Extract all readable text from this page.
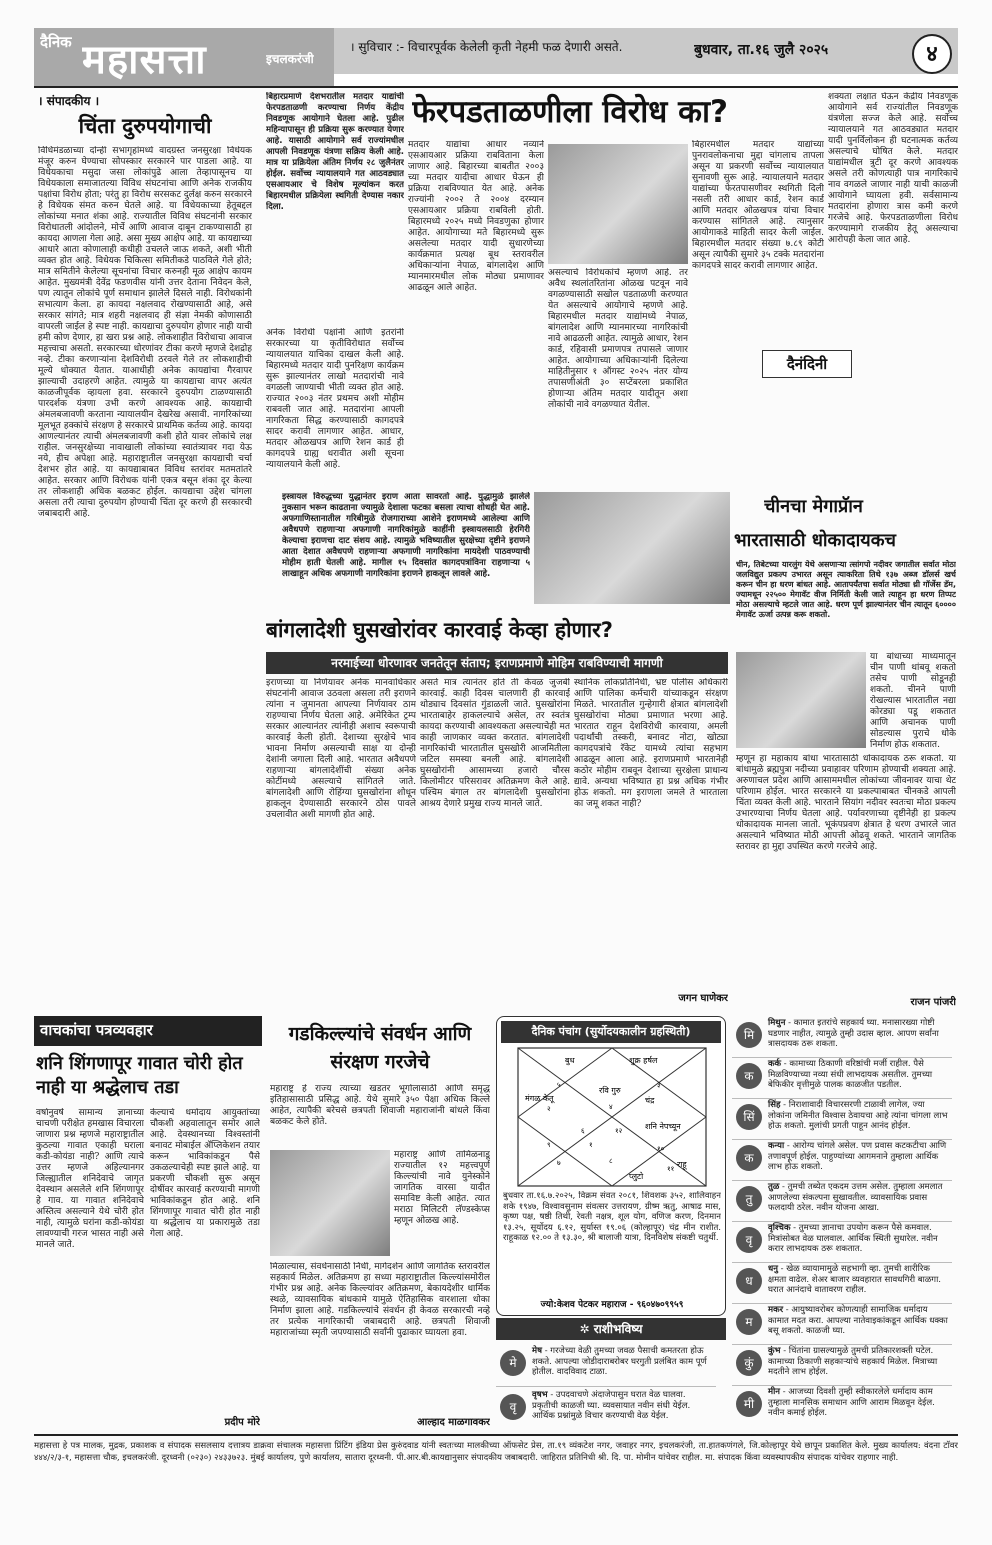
दैनिक महासत्ता	इचलकरंजी
। सुविचार :- विचारपूर्वक केलेली कृती नेहमी फळ देणारी असते.	बुधवार, ता.१६ जुलै २०२५	४
। संपादकीय ।
चिंता दुरुपयोगाची
विधिमंडळाच्या दोन्ही सभागृहांमध्ये वादग्रस्त जनसुरक्षा विधेयक मंजूर करुन घेण्याचा सोपस्कार सरकारने पार पाडला आहे. या विधेयकाचा मसुदा जसा लोकांपुढे आला तेव्हापासूनच या विधेयकाला समाजातल्या विविध संघटनांचा आणि अनेक राजकीय पक्षांचा विरोध होता; परंतु हा विरोध सरसकट दुर्लक्ष करुन सरकारने हे विधेयक संमत करुन घेतले आहे. या विधेयकाच्या हेतूबद्दल लोकांच्या मनात शंका आहे. राज्यातील विविध संघटनांनी सरकार विरोधातली आंदोलने, मोर्चे आणि आवाज दाबून टाकण्यासाठी हा कायदा आणला गेला आहे. असा मुख्य आक्षेप आहे. या कायद्याच्या आधारे आता कोणालाही कधीही उचलले जाऊ शकते, अशी भीती व्यक्त होत आहे. विधेयक चिकित्सा समितीकडे पाठविले गेले होते; मात्र समितीने केलेल्या सूचनांचा विचार करुनही मूळ आक्षेप कायम आहेत. मुख्यमंत्री देवेंद्र फडणवीस यांनी उत्तर देताना निवेदन केले, पण त्यातून लोकांचे पूर्ण समाधान झालेले दिसले नाही. विरोधकांनी सभात्याग केला. हा कायदा नक्षलवाद रोखण्यासाठी आहे, असे सरकार सांगते; मात्र शहरी नक्षलवाद ही संज्ञा नेमकी कोणासाठी वापरली जाईल हे स्पष्ट नाही. कायद्याचा दुरुपयोग होणार नाही याची हमी कोण देणार, हा खरा प्रश्न आहे. लोकशाहीत विरोधाचा आवाज महत्त्वाचा असतो. सरकारच्या धोरणांवर टीका करणे म्हणजे देशद्रोह नव्हे. टीका करणाऱ्यांना देशविरोधी ठरवले गेले तर लोकशाहीची मूल्ये धोक्यात येतात. याआधीही अनेक कायद्यांचा गैरवापर झाल्याची उदाहरणे आहेत. त्यामुळे या कायद्याचा वापर अत्यंत काळजीपूर्वक व्हायला हवा. सरकारने दुरुपयोग टाळण्यासाठी पारदर्शक यंत्रणा उभी करणे आवश्यक आहे. कायद्याची अंमलबजावणी करताना न्यायालयीन देखरेख असावी. नागरिकांच्या मूलभूत हक्कांचे संरक्षण हे सरकारचे प्राथमिक कर्तव्य आहे. कायदा आणल्यानंतर त्याची अंमलबजावणी कशी होते यावर लोकांचे लक्ष राहील. जनसुरक्षेच्या नावाखाली लोकांच्या स्वातंत्र्यावर गदा येऊ नये, हीच अपेक्षा आहे. महाराष्ट्रातील जनसुरक्षा कायद्याची चर्चा देशभर होत आहे. या कायद्याबाबत विविध स्तरांवर मतमतांतरे आहेत. सरकार आणि विरोधक यांनी एकत्र बसून शंका दूर केल्या तर लोकशाही अधिक बळकट होईल. कायद्याचा उद्देश चांगला असला तरी त्याचा दुरुपयोग होण्याची चिंता दूर करणे ही सरकारची जबाबदारी आहे.
बिहारप्रमाणे देशभरातील मतदार याद्यांची फेरपडताळणी करण्याचा निर्णय केंद्रीय निवडणूक आयोगाने घेतला आहे. पुढील महिन्यापासून ही प्रक्रिया सुरू करण्यात येणार आहे. यासाठी आयोगाने सर्व राज्यांमधील आपली निवडणूक यंत्रणा सक्रिय केली आहे. मात्र या प्रक्रियेला अंतिम निर्णय २८ जुलैनंतर होईल. सर्वोच्च न्यायालयाने गत आठवड्यात एसआयआर चे विशेष मूल्यांकन करत बिहारमधील प्रक्रियेला स्थगिती देण्यास नकार दिला.
अनेक विरोधी पक्षांनी आणि इतरांनी सरकारच्या या कृतीविरोधात सर्वोच्च न्यायालयात याचिका दाखल केली आहे. बिहारमध्ये मतदार यादी पुनरिक्षण कार्यक्रम सुरू झाल्यानंतर लाखो मतदारांची नावे वगळली जाण्याची भीती व्यक्त होत आहे. राज्यात २००३ नंतर प्रथमच अशी मोहीम राबवली जात आहे. मतदारांना आपली नागरिकता सिद्ध करण्यासाठी कागदपत्रे सादर करावी लागणार आहेत. आधार, मतदार ओळखपत्र आणि रेशन कार्ड ही कागदपत्रे ग्राह्य धरावीत अशी सूचना न्यायालयाने केली आहे.
फेरपडताळणीला विरोध का?
मतदार याद्यांचा आधार नव्याने एसआयआर प्रक्रिया राबविताना केला जाणार आहे. बिहारच्या बाबतीत २००३ च्या मतदार यादीचा आधार घेऊन ही प्रक्रिया राबविण्यात येत आहे. अनेक राज्यांनी २००२ ते २००४ दरम्यान एसआयआर प्रक्रिया राबविली होती. बिहारमध्ये २०२५ मध्ये निवडणुका होणार आहेत. आयोगाच्या मते बिहारमध्ये सुरू असलेल्या मतदार यादी सुधारणेच्या कार्यक्रमात प्रत्यक्ष बूथ स्तरावरील अधिकाऱ्यांना नेपाळ, बांगलादेश आणि म्यानमारमधील लोक मोठ्या प्रमाणावर आढळून आले आहेत.
असल्याचे विरोधकांचे म्हणणे आहे. तर अवैध स्थलांतरितांना ओळख पटवून नावे वगळण्यासाठी सखोल पडताळणी करण्यात येत असल्याचे आयोगाचे म्हणणे आहे. बिहारमधील मतदार याद्यांमध्ये नेपाळ, बांगलादेश आणि म्यानमारच्या नागरिकांची नावे आढळली आहेत. त्यामुळे आधार, रेशन कार्ड, रहिवासी प्रमाणपत्र तपासले जाणार आहेत. आयोगाच्या अधिकाऱ्यांनी दिलेल्या माहितीनुसार १ ऑगस्ट २०२५ नंतर योग्य तपासणीअंती ३० सप्टेंबरला प्रकाशित होणाऱ्या अंतिम मतदार यादीतून अशा लोकांची नावे वगळण्यात येतील.
बिहारमधील मतदार याद्यांच्या पुनरावलोकनाचा मुद्दा चांगलाच तापला असून या प्रकरणी सर्वोच्च न्यायालयात सुनावणी सुरू आहे. न्यायालयाने मतदार याद्यांच्या फेरतपासणीवर स्थगिती दिली नसली तरी आधार कार्ड, रेशन कार्ड आणि मतदार ओळखपत्र यांचा विचार करण्यास सांगितले आहे. त्यानुसार आयोगाकडे माहिती सादर केली जाईल. बिहारमधील मतदार संख्या ७.८९ कोटी असून त्यापैकी सुमारे ३५ टक्के मतदारांना कागदपत्रे सादर करावी लागणार आहेत.
दैनंदिनी
शक्यता लक्षात घेऊन केंद्रीय निवडणूक आयोगाने सर्व राज्यांतील निवडणूक यंत्रणेला सज्ज केले आहे. सर्वोच्च न्यायालयाने गत आठवड्यात मतदार यादी पुनर्विलोकन ही घटनात्मक कर्तव्य असल्याचे घोषित केले. मतदार याद्यांमधील त्रुटी दूर करणे आवश्यक असले तरी कोणत्याही पात्र नागरिकाचे नाव वगळले जाणार नाही याची काळजी आयोगाने घ्यायला हवी. सर्वसामान्य मतदारांना होणारा त्रास कमी करणे गरजेचे आहे. फेरपडताळणीला विरोध करण्यामागे राजकीय हेतू असल्याचा आरोपही केला जात आहे.
इस्त्रायल विरुद्धच्या युद्धानंतर इराण आता सावरतो आहे. युद्धामुळे झालेले नुकसान भरून काढताना ज्यामुळे देशाला फटका बसला त्याचा शोधही घेत आहे. अफगाणिस्तानातील गरिबीमुळे रोजगाराच्या आशेने इराणमध्ये आलेल्या आणि अवैधपणे राहणाऱ्या अफगाणी नागरिकांमुळे काहींनी इस्त्रायलसाठी हेरगिरी केल्याचा इराणचा दाट संशय आहे. त्यामुळे भविष्यातील सुरक्षेच्या दृष्टीने इराणने आता देशात अवैधपणे राहणाऱ्या अफगाणी नागरिकांना मायदेशी पाठवण्याची मोहीम हाती घेतली आहे. मागील १५ दिवसांत कागदपत्रांविना राहणाऱ्या ५ लाखाहून अधिक अफगाणी नागरिकांना इराणने हाकलून लावले आहे.
बांगलादेशी घुसखोरांवर कारवाई केव्हा होणार?
नरमाईच्या धोरणावर जनतेतून संताप; इराणप्रमाणे मोहिम राबविण्याची मागणी
इराणच्या या निर्णयावर अनेक मानवाधिकार संघटनांनी आवाज उठवला असला तरी इराणने त्यांना न जुमानता आपल्या निर्णयावर ठाम राहण्याचा निर्णय घेतला आहे. अमेरिकेत ट्रम्प सरकार आल्यानंतर त्यांनीही अशाच स्वरूपाची कारवाई केली होती. देशाच्या सुरक्षेचे भाव भावना निर्माण असल्याची साक्ष या दोन्ही देशांनी जगाला दिली आहे. भारतात अवैधपणे राहणाऱ्या बांगलादेशींची संख्या अनेक कोटींमध्ये असल्याचे सांगितले जाते. बांगलादेशी आणि रोहिंग्या घुसखोरांना शोधून हाकलून देण्यासाठी सरकारने ठोस पावले उचलावीत अशी मागणी होत आहे.
असते मात्र त्यानंतर होते ती केवळ जुजबी कारवाई. काही दिवस चालणारी ही कारवाई थोड्याच दिवसांत गुंडाळली जाते. घुसखोरांना भारताबाहेर हाकलल्याचे असेल, तर स्वतंत्र कायदा करण्याची आवश्यकता असल्याचेही मत काही जाणकार व्यक्त करतात. बांगलादेशी नागरिकांची भारतातील घुसखोरी आजमितीला जटिल समस्या बनली आहे. बांगलादेशी घुसखोरांनी आसामच्या हजारो चौरस किलोमीटर परिसरावर अतिक्रमण केले आहे. पश्चिम बंगाल तर बांगलादेशी घुसखोरांना आश्रय देणारे प्रमुख राज्य मानले जाते.
स्थानिक लोकप्रतिनिधी, भ्रष्ट पोलीस अधिकारी आणि पालिका कर्मचारी यांच्याकडून संरक्षण मिळते. भारतातील गुन्हेगारी क्षेत्रात बांगलादेशी घुसखोरांचा मोठ्या प्रमाणात भरणा आहे. भारतात राहून देशविरोधी कारवाया, अमली पदार्थांची तस्करी, बनावट नोटा, खोट्या कागदपत्रांचे रॅकेट यामध्ये त्यांचा सहभाग आढळून आला आहे. इराणप्रमाणे भारतानेही कठोर मोहीम राबवून देशाच्या सुरक्षेला प्राधान्य द्यावे. अन्यथा भविष्यात हा प्रश्न अधिक गंभीर होऊ शकतो. मग इराणला जमले ते भारताला का जमू शकत नाही?
जगन घाणेकर
चीनचा मेगाप्रॅान
भारतासाठी धोकादायकच
चीन, तिबेटच्या यारलुंग येथे असणाऱ्या त्सांगपो नदीवर जगातील सर्वात मोठा जलविद्युत प्रकल्प उभारत असून त्याकरिता तिथे १३७ अब्ज डॉलर्स खर्च करून चीन हा धरण बांधत आहे. आतापर्यंतचा सर्वात मोठ्या थ्री गॉर्जेस डॅम, ज्यामधून २२५०० मेगावॅट वीज निर्मिती केली जाते त्याहून हा धरण तिप्पट मोठा असल्याचे म्हटले जात आहे. धरण पूर्ण झाल्यानंतर चीन त्यातून ६०००० मेगावॅट ऊर्जा उत्पन्न करू शकतो.
या बांधाच्या माध्यमातून चीन पाणी थांबवू शकतो तसेच पाणी सोडूनही शकतो. चीनने पाणी रोखल्यास भारतातील नद्या कोरड्या पडू शकतात आणि अचानक पाणी सोडल्यास पुराचे धोके निर्माण होऊ शकतात.
म्हणून हा महाकाय बांधा भारतासाठी धोकादायक ठरू शकतो. या बांधामुळे ब्रह्मपुत्रा नदीच्या प्रवाहावर परिणाम होण्याची शक्यता आहे. अरुणाचल प्रदेश आणि आसाममधील लोकांच्या जीवनावर याचा थेट परिणाम होईल. भारत सरकारने या प्रकल्पाबाबत चीनकडे आपली चिंता व्यक्त केली आहे. भारताने सियांग नदीवर स्वतःचा मोठा प्रकल्प उभारण्याचा निर्णय घेतला आहे. पर्यावरणाच्या दृष्टीनेही हा प्रकल्प धोकादायक मानला जातो. भूकंपप्रवण क्षेत्रात हे धरण उभारले जात असल्याने भविष्यात मोठी आपत्ती ओढवू शकते. भारताने जागतिक स्तरावर हा मुद्दा उपस्थित करणे गरजेचे आहे.
राजन पांजरी
वाचकांचा पत्रव्यवहार
शनि शिंगणापूर गावात चोरी होत नाही या श्रद्धेलाच तडा
वर्षानुवर्षे सामान्य ज्ञानाच्या चाचणी परीक्षेत हमखास विचारला जाणारा प्रश्न म्हणजे महाराष्ट्रातील कुठल्या गावात एकाही घराला कडी-कोयंडा नाही? आणि त्याचे उत्तर म्हणजे अहिल्यानगर जिल्ह्यातील शनिदेवाचे जागृत देवस्थान असलेले शनि शिंगणापूर हे गाव. या गावात शनिदेवाचे अस्तित्व असल्याने येथे चोरी होत नाही, त्यामुळे घरांना कडी-कोयंडा लावण्याची गरज भासत नाही असे मानले जाते.
केल्याचे धर्मादाय आयुक्तांच्या चौकशी अहवालातून समोर आले आहे. देवस्थानच्या विश्वस्तांनी बनावट मोबाईल ॲप्लिकेशन तयार करून भाविकांकडून पैसे उकळल्याचेही स्पष्ट झाले आहे. या प्रकरणी चौकशी सुरू असून दोषींवर कारवाई करण्याची मागणी भाविकांकडून होत आहे. शनि शिंगणापूर गावात चोरी होत नाही या श्रद्धेलाच या प्रकारामुळे तडा गेला आहे.
प्रदीप मोरे
गडकिल्ल्यांचे संवर्धन आणि संरक्षण गरजेचे
महाराष्ट्र हे राज्य त्याच्या खडतर भूगोलासाठी आणि समृद्ध इतिहासासाठी प्रसिद्ध आहे. येथे सुमारे ३५० पेक्षा अधिक किल्ले आहेत, त्यापैकी बरेचसे छत्रपती शिवाजी महाराजांनी बांधले किंवा बळकट केले होते.
महाराष्ट्र आणि तामिळनाडू राज्यातील १२ महत्त्वपूर्ण किल्ल्यांची नावे युनेस्कोने जागतिक वारसा यादीत समाविष्ट केली आहेत. त्यात मराठा मिलिटरी लॅण्डस्केप्स म्हणून ओळख आहे.
मिळाल्यास, संवर्धनासाठी निधी, मार्गदर्शन आणि जागतिक स्तरावरील सहकार्य मिळेल. अतिक्रमण हा सध्या महाराष्ट्रातील किल्ल्यांसमोरील गंभीर प्रश्न आहे. अनेक किल्ल्यांवर अतिक्रमण, बेकायदेशीर धार्मिक स्थळे, व्यावसायिक बांधकामे यामुळे ऐतिहासिक वारशाला धोका निर्माण झाला आहे. गडकिल्ल्यांचे संवर्धन ही केवळ सरकारची नव्हे तर प्रत्येक नागरिकाची जबाबदारी आहे. छत्रपती शिवाजी महाराजांच्या स्मृती जपण्यासाठी सर्वांनी पुढाकार घ्यायला हवा.
आल्हाद माळगावकर
दैनिक पंचांग (सुर्योदयकालीन ग्रहस्थिती)
बुध	शुक्र हर्षल
मंगळ केतू
रवि गुरु
चंद्र
शनि नेपच्यून
प्लुटो
राहू
५	३
२	४
६	१२
१
९
७	८
१०
११
बुधवार ता.१६.७.२०२५, विक्रम संवत २०८१, शिवशक ३५२, शालिवाहन शके १९४७, विश्वावसुनाम संवत्सर उत्तरायण, ग्रीष्म ऋतु, आषाढ मास, कृष्ण पक्ष, षष्ठी तिथी, रेवती नक्षत्र, शूल योग, वणिज करण, दिनमान १३.२५, सूर्योदय ६.१२, सुर्यास्त १९.०६ (कोल्हापूर) चंद्र मीन राशीत. राहूकाळ १२.०० ते १३.३०, श्री बालाजी यात्रा, दिनविशेष संकष्टी चतुर्थी.
ज्यो:केशव पेटकर महाराज - ९६०४७०९९५९
✲ राशीभविष्य
मे
मेष - गरजेच्या वेळी तुमच्या जवळ पैसाची कमतरता होऊ शकते. आपल्या जोडीदाराबरोबर घरगुती प्रलंबित काम पूर्ण होतील. वादविवाद टाळा.
वृ
वृषभ - उपदवाचणे अंदाजेपासुन घरात वेळ घालवा. प्रकृतीची काळजी घ्या. व्यवसायात नवीन संधी येईल. आर्थिक प्रश्नांमुळे विचार करण्याची वेळ येईल.
मि
मिथुन - कामात इतरांचे सहकार्य घ्या. मनासारख्या गोष्टी घडणार नाहीत, त्यामुळे तुम्ही उदास व्हाल. आपण सर्वांना त्रासदायक ठरू शकता.
क
कर्क - कामाच्या ठिकाणी वरिष्ठांची मर्जी राहील. पैसे मिळविण्याच्या नव्या संधी लाभदायक असतील. तुमच्या बेफिकीर वृत्तीमुळे पालक काळजीत पडतील.
सिं
सिंह - निराशावादी विचारसरणी टाळावी लागेल, ज्या लोकांना जमिनीत विश्वास ठेवायचा आहे त्यांना चांगला लाभ होऊ शकतो. मुलांची प्रगती पाहून आनंद होईल.
क
कन्या - आरोग्य चांगले असेल. पण प्रवास कटकटीचा आणि तणावपूर्ण होईल. पाहुण्यांच्या आगमनाने तुम्हाला आर्थिक लाभ होऊ शकतो.
तु
तुळ - तुमची तब्येत एकदम उत्तम असेल. तुम्हाला अमलात आणलेल्या संकल्पना सुखावतील. व्यावसायिक प्रवास फलदायी ठरेल. नवीन योजना आखा.
वृ
वृश्चिक - तुमच्या ज्ञानाचा उपयोग करून पैसे कमवाल. मित्रांसोबत वेळ घालवाल. आर्थिक स्थिती सुधारेल. नवीन करार लाभदायक ठरू शकतात.
ध
धनु - खेळ व्यायामामुळे सहभागी व्हा. तुमची शारीरिक क्षमता वाढेल. शेअर बाजार व्यवहारात सावधगिरी बाळगा. घरात आनंदाचे वातावरण राहील.
म
मकर - आयुष्यावरोबर कोणत्याही सामाजिक धर्मादाय कामात मदत करा. आपल्या नातेवाइकांकडून आर्थिक धक्का बसू शकतो. काळजी घ्या.
कुं
कुंभ - चिंतांना ग्रासल्यामुळे तुमची प्रतिकारशक्ती घटेल. कामाच्या ठिकाणी सहकाऱ्यांचे सहकार्य मिळेल. मित्राच्या मदतीने लाभ होईल.
मी
मीन - आजच्या दिवशी तुम्ही स्वीकारलेले धर्मादाय काम तुम्हाला मानसिक समाधान आणि आराम मिळवून देईल. नवीन कमाई होईल.
महासत्ता हे पत्र मालक, मुद्रक, प्रकाशक व संपादक ससलसाय दत्तात्रय डाक्रवा संचालक महासत्ता प्रिंटिंग इंडिया प्रेस कुरुंदवाड यांनी स्वतःच्या मालकीच्या ऑफसेट प्रेस, ता.१९ व्यंकटेश नगर, जवाहर नगर, इचलकरंजी, ता.हातकणंगले, जि.कोल्हापूर येथे छापून प्रकाशित केले. मुख्य कार्यालय: वंदना टॉवर ४४४/२/३-१, महासत्ता चौक, इचलकरंजी. दूरध्वनी (०२३०) २४३३७२३. मुंबई कार्यालय, पुणे कार्यालय, सातारा दूरध्वनी. पी.आर.बी.कायद्यानुसार संपादकीय जबाबदारी. जाहिरात प्रतिनिधी श्री. दि. पा. मोमीन यांचेवर राहील. मा. संपादक किंवा व्यवस्थापकीय संपादक यांचेवर राहणार नाही.
